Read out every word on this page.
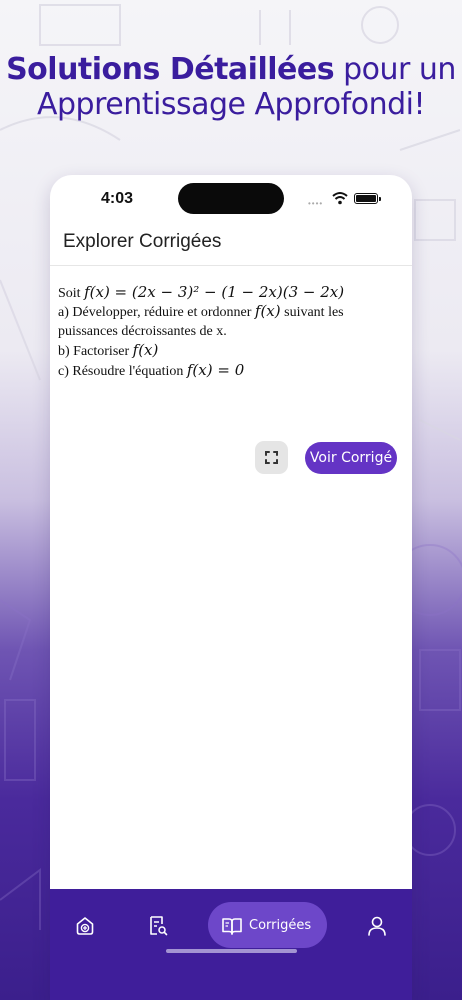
Solutions Détaillées pour un
Apprentissage Approfondi!
4:03	••••
Explorer Corrigées

Soit f(x) = (2x − 3)² − (1 − 2x)(3 − 2x)

a) Développer, réduire et ordonner f(x) suivant les puissances décroissantes de x.

b) Factoriser f(x)

c) Résoudre l'équation f(x) = 0

Voir Corrigé
Corrigées
